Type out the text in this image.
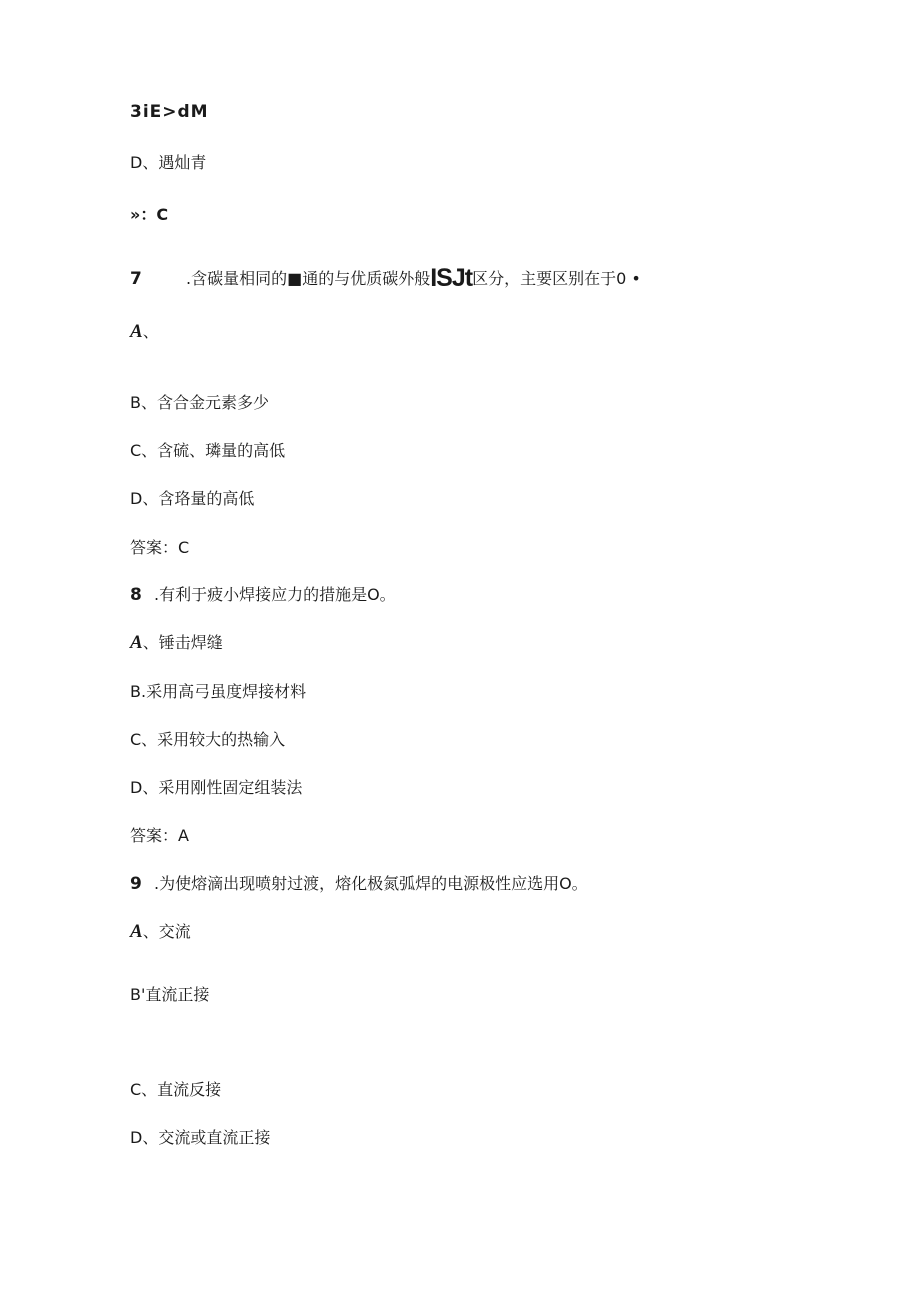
3iE>dM
D、遇灿青
»：C
7	.含碳量相同的■通的与优质碳外般ISJt区分，主要区别在于0 •
A、
B、含合金元素多少
C、含硫、璘量的高低
D、含珞量的高低
答案：C
8 .有利于疲小焊接应力的措施是O。
A、锤击焊缝
B.采用高弓虽度焊接材料
C、采用较大的热输入
D、采用刚性固定组装法
答案：A
9 .为使熔滴出现喷射过渡，熔化极氮弧焊的电源极性应选用O。
A、交流
B'直流正接
C、直流反接
D、交流或直流正接
